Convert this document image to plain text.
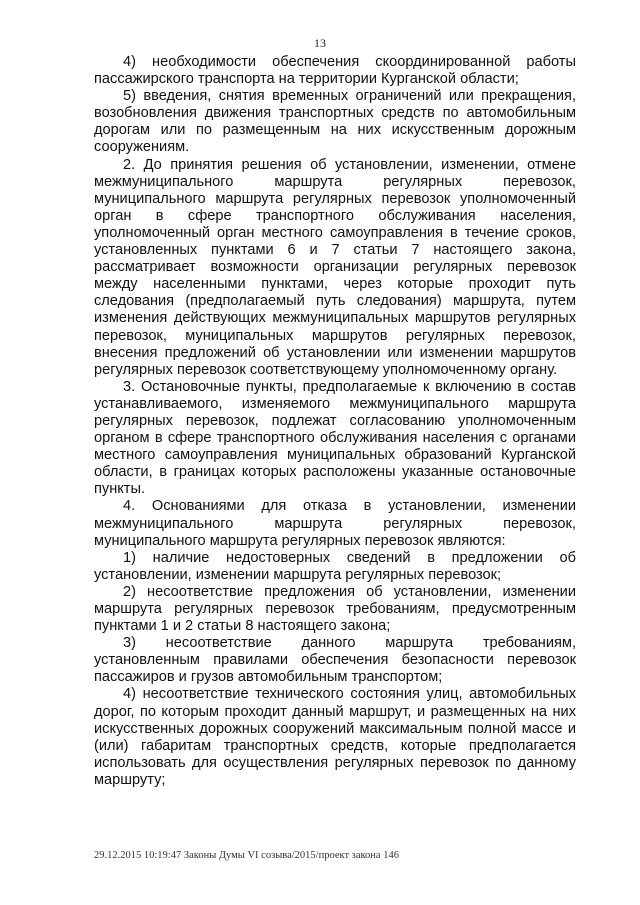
13

4) необходимости обеспечения скоординированной работы пассажирского транспорта на территории Курганской области;

5) введения, снятия временных ограничений или прекращения, возобновления движения транспортных средств по автомобильным дорогам или по размещенным на них искусственным дорожным сооружениям.

2. До принятия решения об установлении, изменении, отмене межмуниципального маршрута регулярных перевозок, муниципального маршрута регулярных перевозок уполномоченный орган в сфере транспортного обслуживания населения, уполномоченный орган местного самоуправления в течение сроков, установленных пунктами 6 и 7 статьи 7 настоящего закона, рассматривает возможности организации регулярных перевозок между населенными пунктами, через которые проходит путь следования (предполагаемый путь следования) маршрута, путем изменения действующих межмуниципальных маршрутов регулярных перевозок, муниципальных маршрутов регулярных перевозок, внесения предложений об установлении или изменении маршрутов регулярных перевозок соответствующему уполномоченному органу.

3. Остановочные пункты, предполагаемые к включению в состав устанавливаемого, изменяемого межмуниципального маршрута регулярных перевозок, подлежат согласованию уполномоченным органом в сфере транспортного обслуживания населения с органами местного самоуправления муниципальных образований Курганской области, в границах которых расположены указанные остановочные пункты.

4. Основаниями для отказа в установлении, изменении межмуниципального маршрута регулярных перевозок, муниципального маршрута регулярных перевозок являются:

1) наличие недостоверных сведений в предложении об установлении, изменении маршрута регулярных перевозок;

2) несоответствие предложения об установлении, изменении маршрута регулярных перевозок требованиям, предусмотренным пунктами 1 и 2 статьи 8 настоящего закона;

3) несоответствие данного маршрута требованиям, установленным правилами обеспечения безопасности перевозок пассажиров и грузов автомобильным транспортом;

4) несоответствие технического состояния улиц, автомобильных дорог, по которым проходит данный маршрут, и размещенных на них искусственных дорожных сооружений максимальным полной массе и (или) габаритам транспортных средств, которые предполагается использовать для осуществления регулярных перевозок по данному маршруту;

29.12.2015 10:19:47 Законы Думы VI созыва/2015/проект закона 146
